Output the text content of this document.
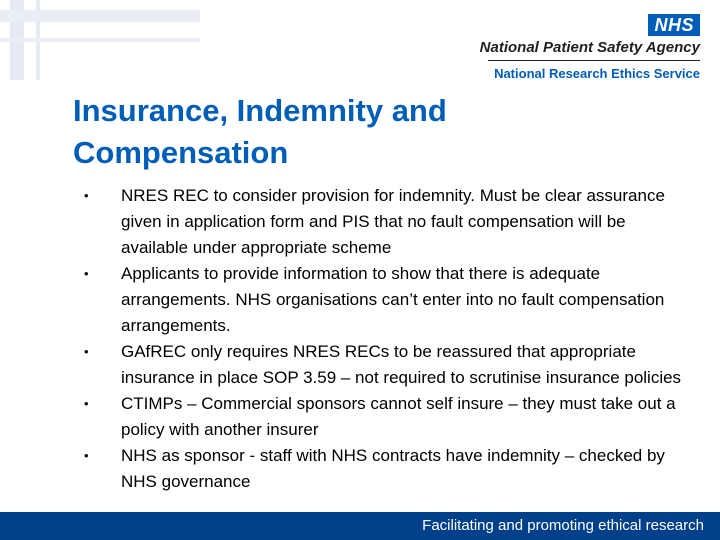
NHS
National Patient Safety Agency
National Research Ethics Service
Insurance, Indemnity and
Compensation
• NRES REC to consider provision for indemnity. Must be clear assurance given in application form and PIS that no fault compensation will be available under appropriate scheme
• Applicants to provide information to show that there is adequate arrangements. NHS organisations can’t enter into no fault compensation arrangements.
• GAfREC only requires NRES RECs to be reassured that appropriate insurance in place SOP 3.59 – not required to scrutinise insurance policies
• CTIMPs – Commercial sponsors cannot self insure – they must take out a policy with another insurer
• NHS as sponsor - staff with NHS contracts have indemnity – checked by NHS governance
Facilitating and promoting ethical research
